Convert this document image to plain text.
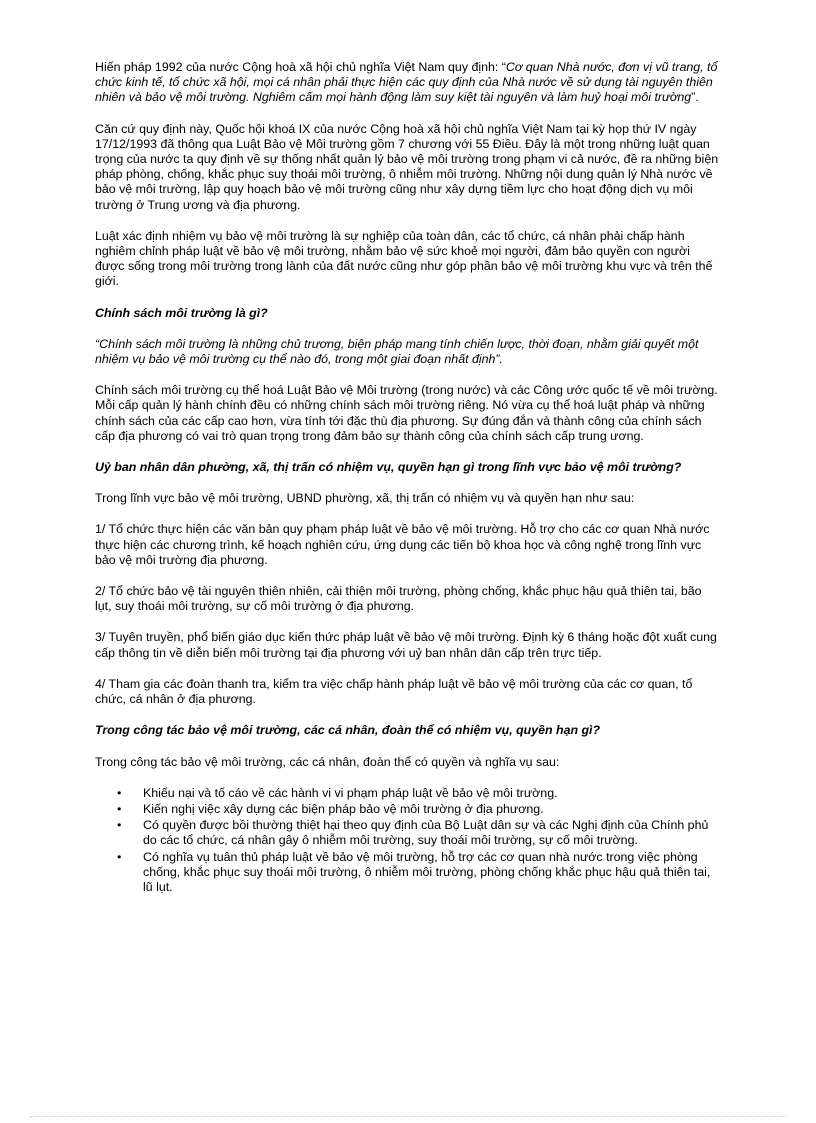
Hiến pháp 1992 của nước Cộng hoà xã hội chủ nghĩa Việt Nam quy định: “Cơ quan Nhà nước, đơn vị vũ trang, tổ chức kinh tế, tổ chức xã hội, mọi cá nhân phải thực hiện các quy định của Nhà nước về sử dụng tài nguyên thiên nhiên và bảo vệ môi trường. Nghiêm cấm mọi hành động làm suy kiệt tài nguyên và làm huỷ hoại môi trường”.

Căn cứ quy định này, Quốc hội khoá IX của nước Cộng hoà xã hội chủ nghĩa Việt Nam tại kỳ họp thứ IV ngày 17/12/1993 đã thông qua Luật Bảo vệ Môi trường gồm 7 chương với 55 Điều. Đây là một trong những luật quan trọng của nước ta quy định về sự thống nhất quản lý bảo vệ môi trường trong phạm vi cả nước, đề ra những biện pháp phòng, chống, khắc phục suy thoái môi trường, ô nhiễm môi trường. Những nội dung quản lý Nhà nước về bảo vệ môi trường, lập quy hoạch bảo vệ môi trường cũng như xây dựng tiềm lực cho hoạt động dịch vụ môi trường ở Trung ương và địa phương.

Luật xác định nhiệm vụ bảo vệ môi trường là sự nghiệp của toàn dân, các tổ chức, cá nhân phải chấp hành nghiêm chỉnh pháp luật về bảo vệ môi trường, nhằm bảo vệ sức khoẻ mọi người, đảm bảo quyền con người được sống trong môi trường trong lành của đất nước cũng như góp phần bảo vệ môi trường khu vực và trên thế giới.

Chính sách môi trường là gì?

“Chính sách môi trường là những chủ trương, biện pháp mang tính chiến lược, thời đoạn, nhằm giải quyết một nhiệm vụ bảo vệ môi trường cụ thể nào đó, trong một giai đoạn nhất định”.

Chính sách môi trường cụ thể hoá Luật Bảo vệ Môi trường (trong nước) và các Công ước quốc tế về môi trường. Mỗi cấp quản lý hành chính đều có những chính sách môi trường riêng. Nó vừa cụ thể hoá luật pháp và những chính sách của các cấp cao hơn, vừa tính tới đặc thù địa phương. Sự đúng đắn và thành công của chính sách cấp địa phương có vai trò quan trọng trong đảm bảo sự thành công của chính sách cấp trung ương.

Uỷ ban nhân dân phường, xã, thị trấn có nhiệm vụ, quyền hạn gì trong lĩnh vực bảo vệ môi trường?

Trong lĩnh vực bảo vệ môi trường, UBND phường, xã, thị trấn có nhiệm vụ và quyền hạn như sau:

1/ Tổ chức thực hiện các văn bản quy phạm pháp luật về bảo vệ môi trường. Hỗ trợ cho các cơ quan Nhà nước thực hiện các chương trình, kế hoạch nghiên cứu, ứng dụng các tiến bộ khoa học và công nghệ trong lĩnh vực bảo vệ môi trường địa phương.

2/ Tổ chức bảo vệ tài nguyên thiên nhiên, cải thiện môi trường, phòng chống, khắc phục hậu quả thiên tai, bão lụt, suy thoái môi trường, sự cố môi trường ở địa phương.

3/ Tuyên truyền, phổ biến giáo dục kiến thức pháp luật về bảo vệ môi trường. Định kỳ 6 tháng hoặc đột xuất cung cấp thông tin về diễn biến môi trường tại địa phương với uỷ ban nhân dân cấp trên trực tiếp.

4/ Tham gia các đoàn thanh tra, kiểm tra việc chấp hành pháp luật về bảo vệ môi trường của các cơ quan, tổ chức, cá nhân ở địa phương.

Trong công tác bảo vệ môi trường, các cá nhân, đoàn thể có nhiệm vụ, quyền hạn gì?

Trong công tác bảo vệ môi trường, các cá nhân, đoàn thể có quyền và nghĩa vụ sau:

• Khiếu nại và tố cáo về các hành vi vi phạm pháp luật về bảo vệ môi trường.
• Kiến nghị việc xây dựng các biện pháp bảo vệ môi trường ở địa phương.
• Có quyền được bồi thường thiệt hại theo quy định của Bộ Luật dân sự và các Nghị định của Chính phủ do các tổ chức, cá nhân gây ô nhiễm môi trường, suy thoái môi trường, sự cố môi trường.
• Có nghĩa vụ tuân thủ pháp luật về bảo vệ môi trường, hỗ trợ các cơ quan nhà nước trong việc phòng chống, khắc phục suy thoái môi trường, ô nhiễm môi trường, phòng chống khắc phục hậu quả thiên tai, lũ lụt.
